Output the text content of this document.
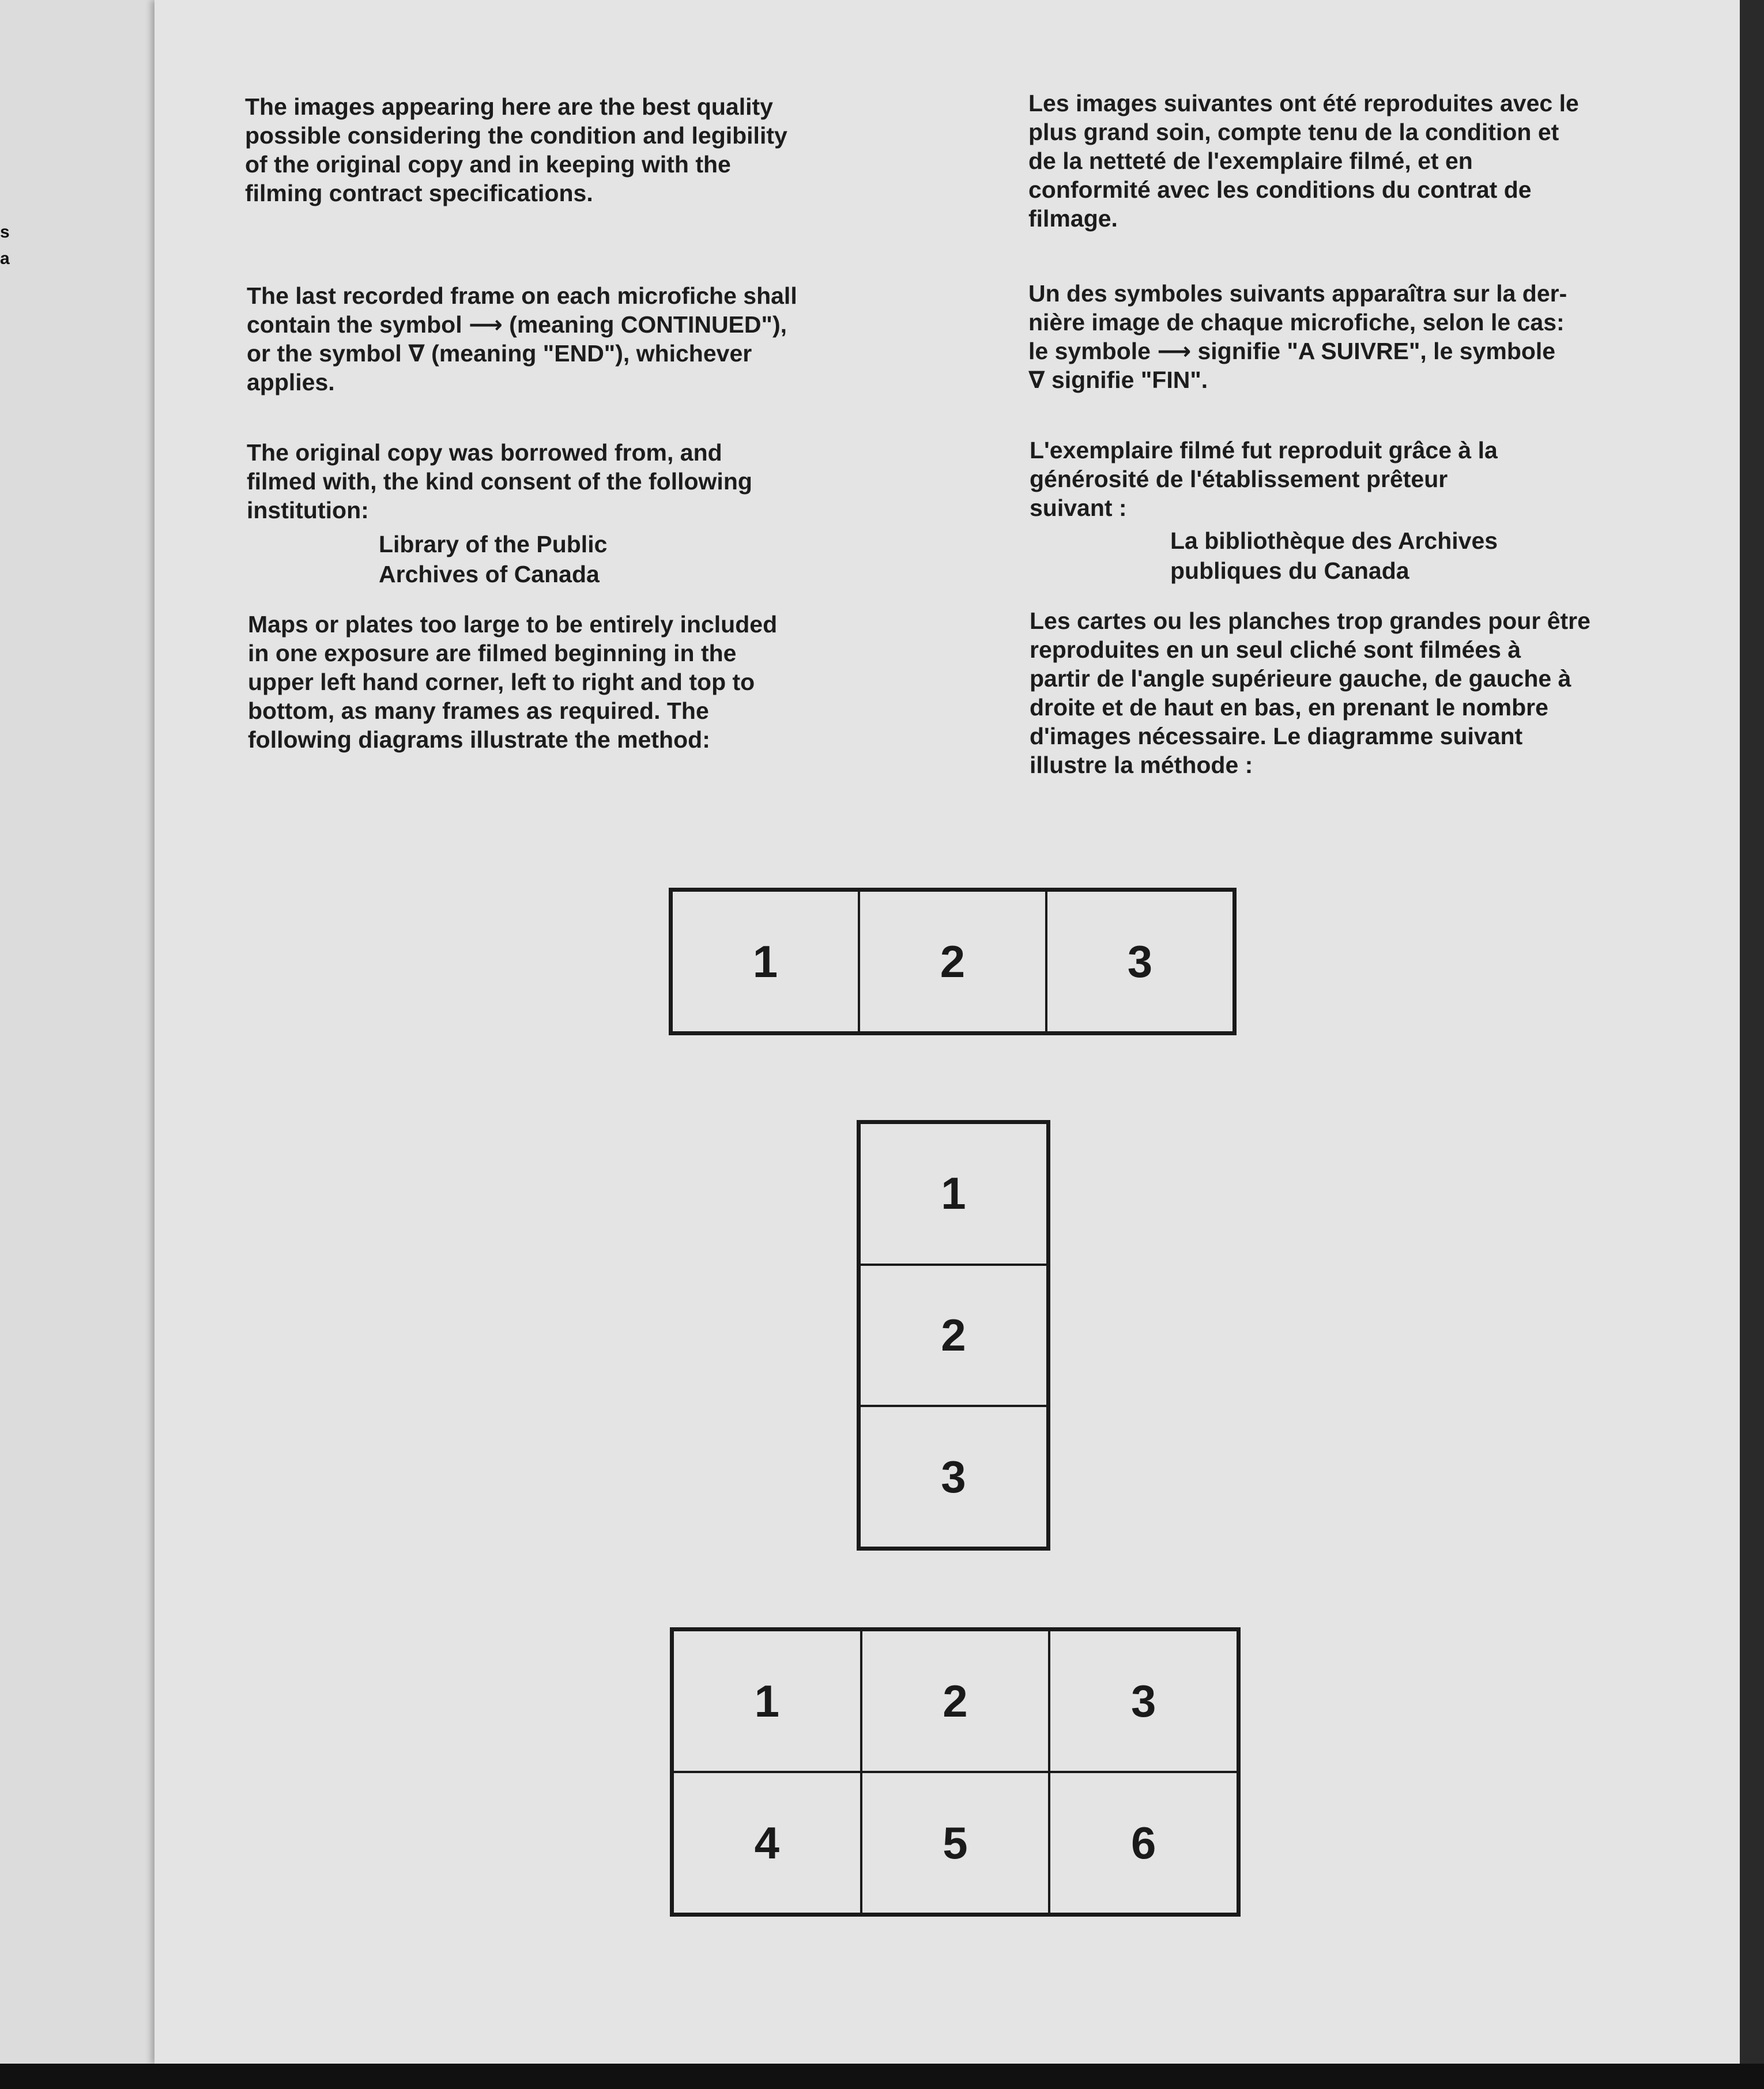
s
a

The images appearing here are the best quality
possible considering the condition and legibility
of the original copy and in keeping with the
filming contract specifications.

The last recorded frame on each microfiche shall
contain the symbol ⟶ (meaning CONTINUED"),
or the symbol ∇ (meaning "END"), whichever
applies.

The original copy was borrowed from, and
filmed with, the kind consent of the following
institution:

Library of the Public
Archives of Canada

Maps or plates too large to be entirely included
in one exposure are filmed beginning in the
upper left hand corner, left to right and top to
bottom, as many frames as required. The
following diagrams illustrate the method:

Les images suivantes ont été reproduites avec le
plus grand soin, compte tenu de la condition et
de la netteté de l'exemplaire filmé, et en
conformité avec les conditions du contrat de
filmage.

Un des symboles suivants apparaîtra sur la der-
nière image de chaque microfiche, selon le cas:
le symbole ⟶ signifie "A SUIVRE", le symbole
∇ signifie "FIN".

L'exemplaire filmé fut reproduit grâce à la
générosité de l'établissement prêteur
suivant :

La bibliothèque des Archives
publiques du Canada

Les cartes ou les planches trop grandes pour être
reproduites en un seul cliché sont filmées à
partir de l'angle supérieure gauche, de gauche à
droite et de haut en bas, en prenant le nombre
d'images nécessaire. Le diagramme suivant
illustre la méthode :

1	2	3
1
2
3
1	2	3
4	5	6
